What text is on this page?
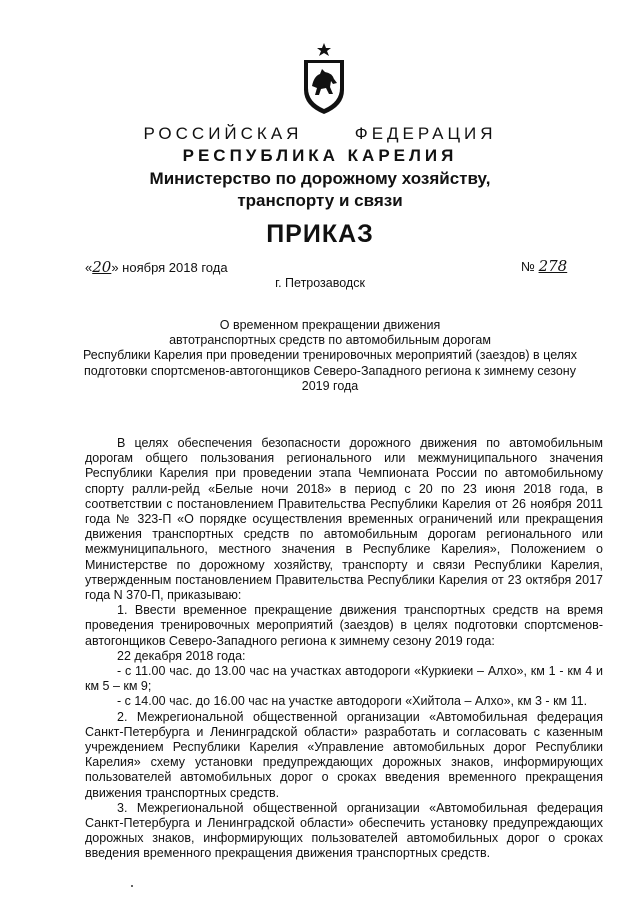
РОССИЙСКАЯ      ФЕДЕРАЦИЯ
РЕСПУБЛИКА КАРЕЛИЯ
Министерство по дорожному хозяйству,
транспорту и связи
ПРИКАЗ
«20» ноября 2018 года	№ 278
г. Петрозаводск
О временном прекращении движения
автотранспортных средств по автомобильным дорогам
Республики Карелия при проведении тренировочных мероприятий (заездов) в целях
подготовки спортсменов-автогонщиков Северо-Западного региона к зимнему сезону
2019 года

В целях обеспечения безопасности дорожного движения по автомобильным дорогам общего пользования регионального или межмуниципального значения Республики Карелия при проведении этапа Чемпионата России по автомобильному спорту ралли-рейд «Белые ночи 2018» в период с 20 по 23 июня 2018 года, в соответствии с постановлением Правительства Республики Карелия от 26 ноября 2011 года № 323-П «О порядке осуществления временных ограничений или прекращения движения транспортных средств по автомобильным дорогам регионального или межмуниципального, местного значения в Республике Карелия», Положением о Министерстве по дорожному хозяйству, транспорту и связи Республики Карелия, утвержденным постановлением Правительства Республики Карелия от 23 октября 2017 года N 370-П, приказываю:

1. Ввести временное прекращение движения транспортных средств на время проведения тренировочных мероприятий (заездов) в целях подготовки спортсменов-автогонщиков Северо-Западного региона к зимнему сезону 2019 года:

22 декабря 2018 года:

- с 11.00 час. до 13.00 час на участках автодороги «Куркиеки – Алхо», км 1 - км 4 и км 5 – км 9;

- с 14.00 час. до 16.00 час на участке автодороги «Хийтола – Алхо», км 3 - км 11.

2. Межрегиональной общественной организации «Автомобильная федерация Санкт-Петербурга и Ленинградской области» разработать и согласовать с казенным учреждением Республики Карелия «Управление автомобильных дорог Республики Карелия» схему установки предупреждающих дорожных знаков, информирующих пользователей автомобильных дорог о сроках введения временного прекращения движения транспортных средств.

3. Межрегиональной общественной организации «Автомобильная федерация Санкт-Петербурга и Ленинградской области» обеспечить установку предупреждающих дорожных знаков, информирующих пользователей автомобильных дорог о сроках введения временного прекращения движения транспортных средств.
